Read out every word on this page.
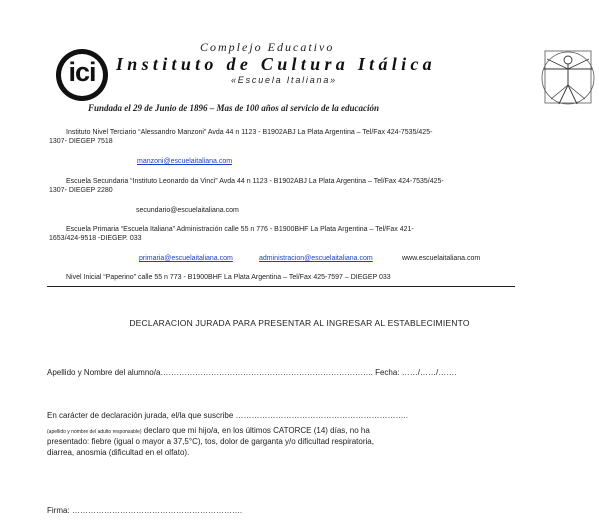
ici
Complejo Educativo
Instituto de Cultura Itálica
«Escuela Italiana»
Fundada el 29 de Junio de 1896 – Mas de 100 años al servicio de la educación
Instituto Nivel Terciario “Alessandro Manzoni” Avda 44 n 1123 - B1902ABJ La Plata Argentina – Tel/Fax 424-7535/425-
1307- DIEGEP 7518
manzoni@escuelaitaliana.com
Escuela Secundaria “Instituto Leonardo da Vinci” Avda 44 n 1123 - B1902ABJ La Plata Argentina – Tel/Fax 424-7535/425-
1307- DIEGEP 2280
secundario@escuelaitaliana.com
Escuela Primaria “Escuela Italiana” Administración calle 55 n 776 - B1900BHF La Plata Argentina – Tel/Fax 421-
1653/424-9518 -DIEGEP. 033
primaria@escuelaitaliana.com	administracion@escuelaitaliana.com	www.escuelaitaliana.com
Nivel Inicial “Paperino” calle 55 n 773 - B1900BHF La Plata Argentina – Tel/Fax 425-7597 – DIEGEP 033
DECLARACION JURADA PARA PRESENTAR AL INGRESAR AL ESTABLECIMIENTO
Apellido y Nombre del alumno/a…………………………………………………………………….. Fecha: ……/……/…….
En carácter de declaración jurada, el/la que suscribe ………………………………………………………..
(apellido y nombre del adulto responsable) declaro que mi hijo/a, en los últimos CATORCE (14) días, no ha
presentado: fiebre (igual o mayor a 37,5°C), tos, dolor de garganta y/o dificultad respiratoria,
diarrea, anosmia (dificultad en el olfato).
Firma: ……………………………………………………….
